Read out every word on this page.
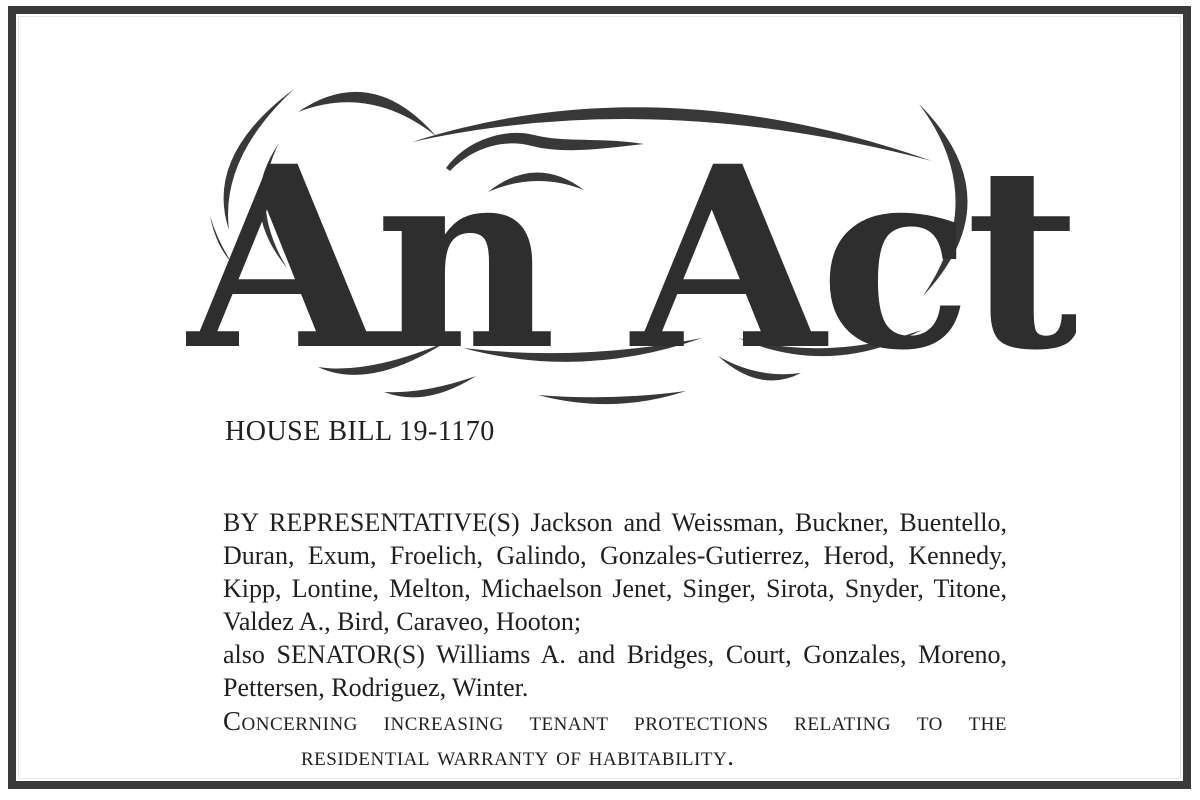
An Act
HOUSE BILL 19-1170
BY REPRESENTATIVE(S) Jackson and Weissman, Buckner, Buentello,
Duran, Exum, Froelich, Galindo, Gonzales-Gutierrez, Herod, Kennedy,
Kipp, Lontine, Melton, Michaelson Jenet, Singer, Sirota, Snyder, Titone,
Valdez A., Bird, Caraveo, Hooton;
also SENATOR(S) Williams A. and Bridges, Court, Gonzales, Moreno,
Pettersen, Rodriguez, Winter.
Concerning increasing tenant protections relating to the
residential warranty of habitability.
